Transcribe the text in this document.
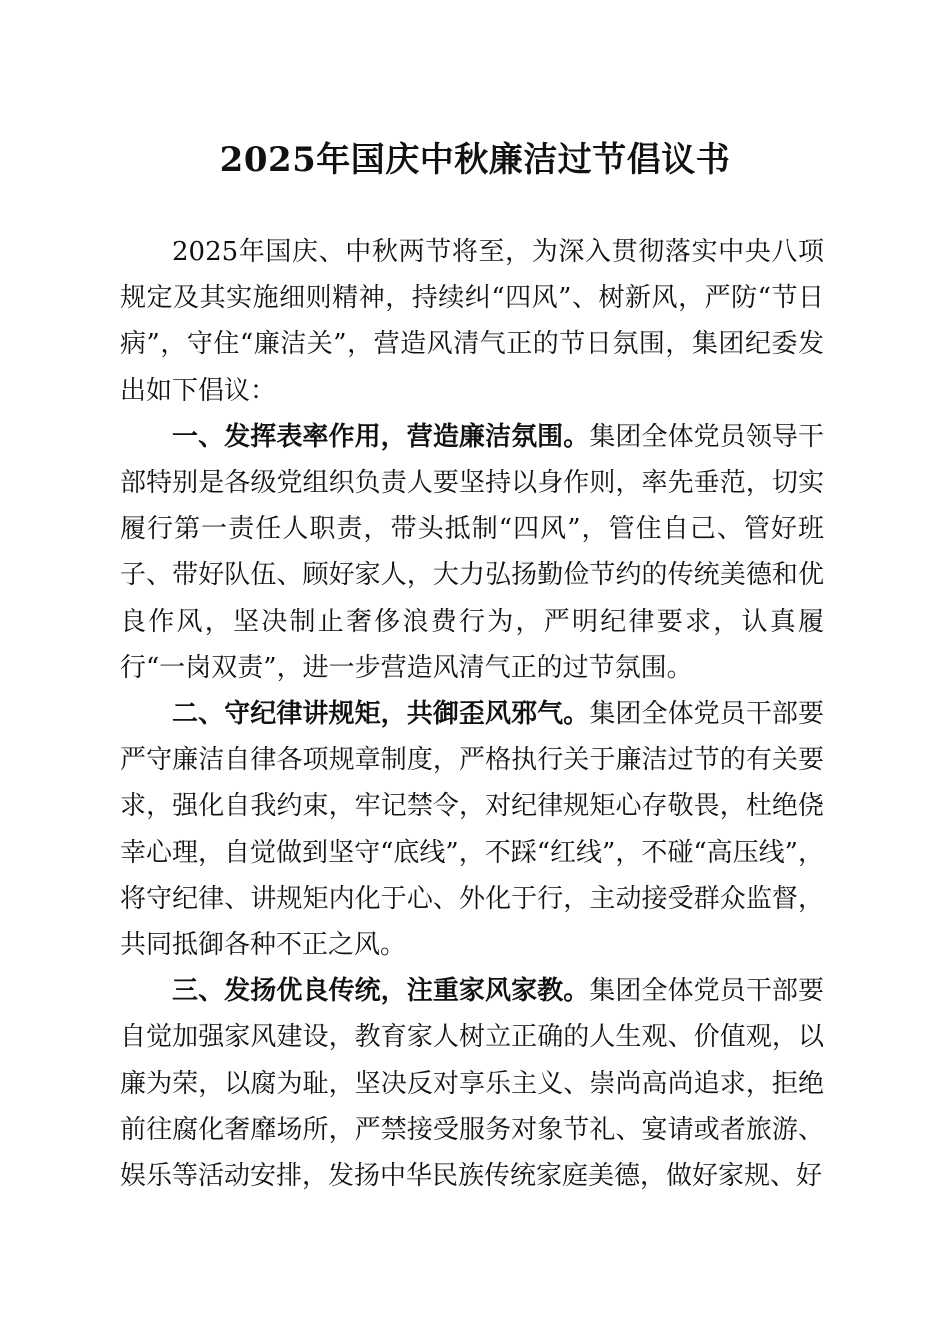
2025年国庆中秋廉洁过节倡议书

2025年国庆、中秋两节将至，为深入贯彻落实中央八项规定及其实施细则精神，持续纠“四风”、树新风，严防“节日病”，守住“廉洁关”，营造风清气正的节日氛围，集团纪委发出如下倡议：

一、发挥表率作用，营造廉洁氛围。集团全体党员领导干部特别是各级党组织负责人要坚持以身作则，率先垂范，切实履行第一责任人职责，带头抵制“四风”，管住自己、管好班子、带好队伍、顾好家人，大力弘扬勤俭节约的传统美德和优良作风，坚决制止奢侈浪费行为，严明纪律要求，认真履行“一岗双责”，进一步营造风清气正的过节氛围。

二、守纪律讲规矩，共御歪风邪气。集团全体党员干部要严守廉洁自律各项规章制度，严格执行关于廉洁过节的有关要求，强化自我约束，牢记禁令，对纪律规矩心存敬畏，杜绝侥幸心理，自觉做到坚守“底线”，不踩“红线”，不碰“高压线”，将守纪律、讲规矩内化于心、外化于行，主动接受群众监督，共同抵御各种不正之风。

三、发扬优良传统，注重家风家教。集团全体党员干部要自觉加强家风建设，教育家人树立正确的人生观、价值观，以廉为荣，以腐为耻，坚决反对享乐主义、崇尚高尚追求，拒绝前往腐化奢靡场所，严禁接受服务对象节礼、宴请或者旅游、娱乐等活动安排，发扬中华民族传统家庭美德，做好家规、好
